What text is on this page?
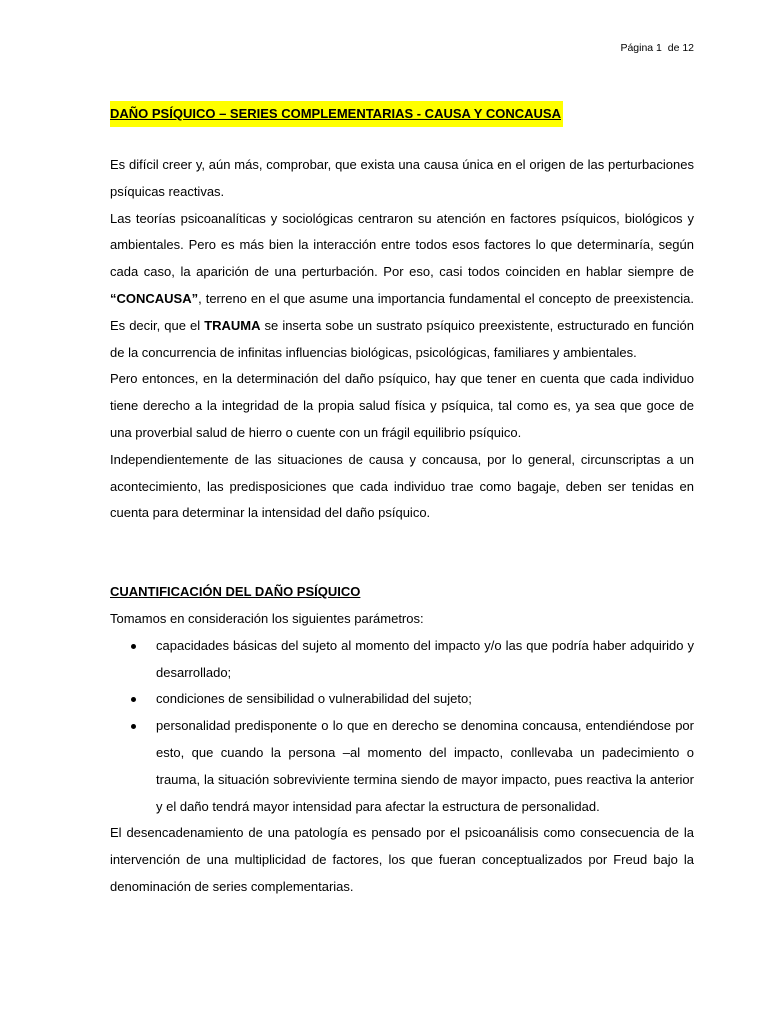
Página 1  de 12
DAÑO PSÍQUICO – SERIES COMPLEMENTARIAS - CAUSA Y CONCAUSA

Es difícil creer y, aún más, comprobar, que exista una causa única en el origen de las perturbaciones psíquicas reactivas.

Las teorías psicoanalíticas y sociológicas centraron su atención en factores psíquicos, biológicos y ambientales. Pero es más bien la interacción entre todos esos factores lo que determinaría, según cada caso, la aparición de una perturbación. Por eso, casi todos coinciden en hablar siempre de “CONCAUSA”, terreno en el que asume una importancia fundamental el concepto de preexistencia. Es decir, que el TRAUMA se inserta sobe un sustrato psíquico preexistente, estructurado en función de la concurrencia de infinitas influencias biológicas, psicológicas, familiares y ambientales.

Pero entonces, en la determinación del daño psíquico, hay que tener en cuenta que cada individuo tiene derecho a la integridad de la propia salud física y psíquica, tal como es, ya sea que goce de una proverbial salud de hierro o cuente con un frágil equilibrio psíquico.

Independientemente de las situaciones de causa y concausa, por lo general, circunscriptas a un acontecimiento, las predisposiciones que cada individuo trae como bagaje, deben ser tenidas en cuenta para determinar la intensidad del daño psíquico.

CUANTIFICACIÓN DEL DAÑO PSÍQUICO

Tomamos en consideración los siguientes parámetros:

capacidades básicas del sujeto al momento del impacto y/o las que podría haber adquirido y desarrollado;
condiciones de sensibilidad o vulnerabilidad del sujeto;
personalidad predisponente o lo que en derecho se denomina concausa, entendiéndose por esto, que cuando la persona –al momento del impacto, conllevaba un padecimiento o trauma, la situación sobreviviente termina siendo de mayor impacto, pues reactiva la anterior y el daño tendrá mayor intensidad para afectar la estructura de personalidad.

El desencadenamiento de una patología es pensado por el psicoanálisis como consecuencia de la intervención de una multiplicidad de factores, los que fueran conceptualizados por Freud bajo la denominación de series complementarias.
